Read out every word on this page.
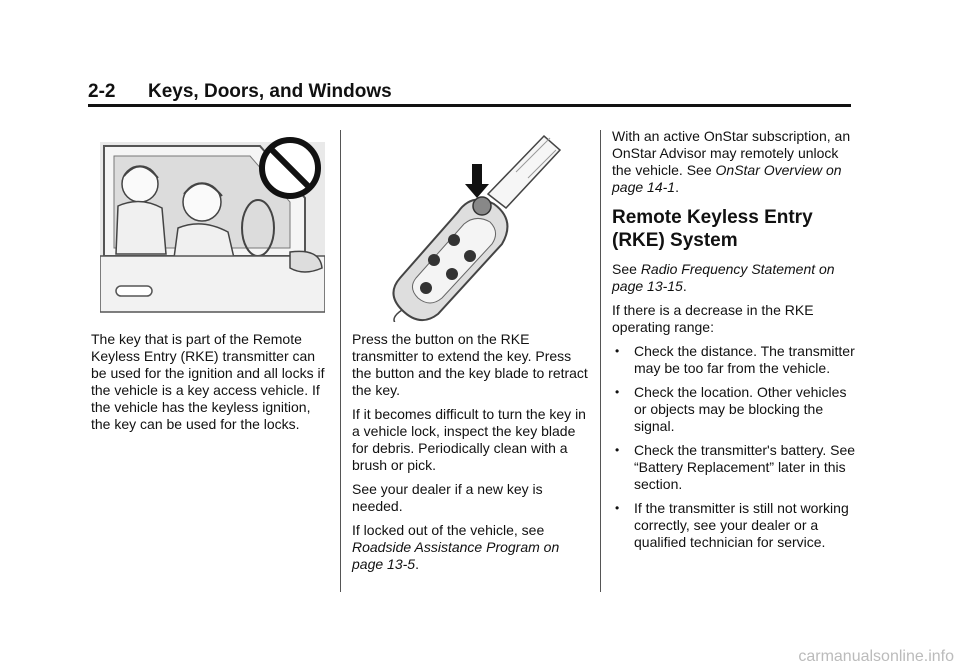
2-2 Keys, Doors, and Windows

The key that is part of the Remote Keyless Entry (RKE) transmitter can be used for the ignition and all locks if the vehicle is a key access vehicle. If the vehicle has the keyless ignition, the key can be used for the locks.

Press the button on the RKE transmitter to extend the key. Press the button and the key blade to retract the key.

If it becomes difficult to turn the key in a vehicle lock, inspect the key blade for debris. Periodically clean with a brush or pick.

See your dealer if a new key is needed.

If locked out of the vehicle, see Roadside Assistance Program on page 13-5.

With an active OnStar subscription, an OnStar Advisor may remotely unlock the vehicle. See OnStar Overview on page 14-1.

Remote Keyless Entry (RKE) System

See Radio Frequency Statement on page 13-15.

If there is a decrease in the RKE operating range:

• Check the distance. The transmitter may be too far from the vehicle.
• Check the location. Other vehicles or objects may be blocking the signal.
• Check the transmitter's battery. See “Battery Replacement” later in this section.
• If the transmitter is still not working correctly, see your dealer or a qualified technician for service.
carmanualsonline.info
